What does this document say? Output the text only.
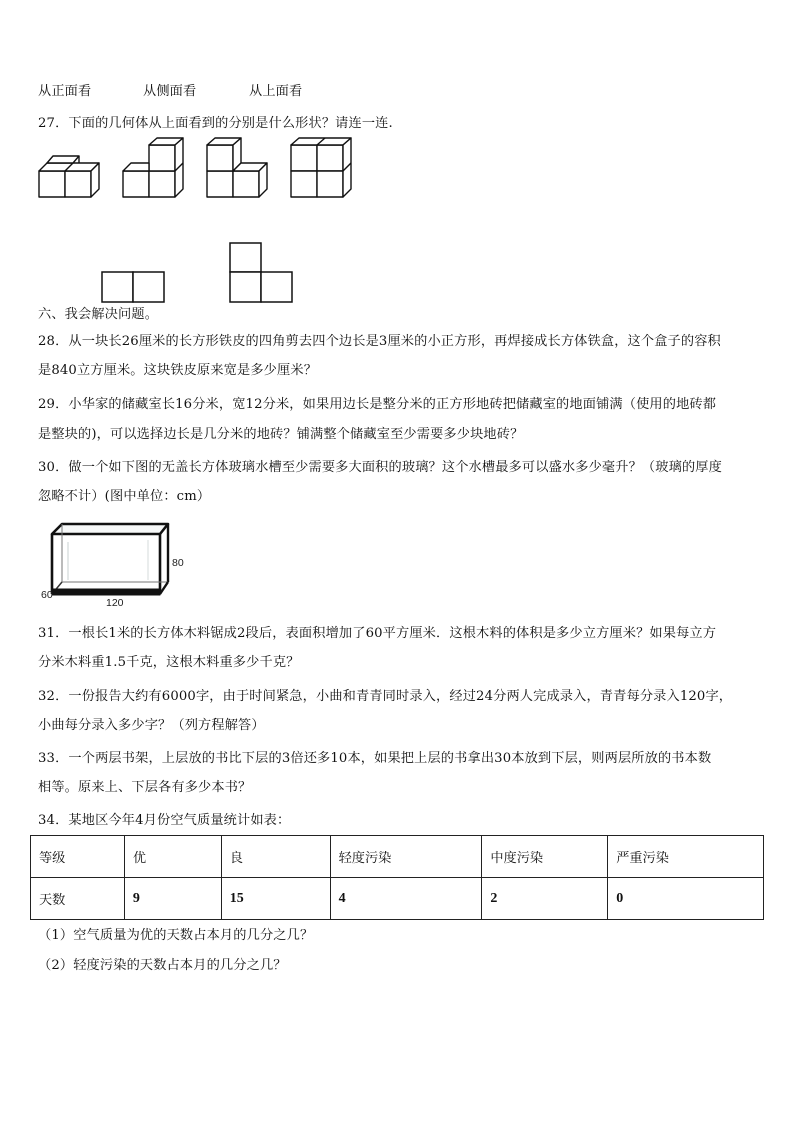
从正面看	从侧面看	从上面看
27．下面的几何体从上面看到的分别是什么形状？请连一连.
六、我会解决问题。
28．从一块长26厘米的长方形铁皮的四角剪去四个边长是3厘米的小正方形，再焊接成长方体铁盒，这个盒子的容积
是840立方厘米。这块铁皮原来宽是多少厘米？
29．小华家的储藏室长16分米，宽12分米，如果用边长是整分米的正方形地砖把储藏室的地面铺满（使用的地砖都
是整块的)，可以选择边长是几分米的地砖？铺满整个储藏室至少需要多少块地砖？
30．做一个如下图的无盖长方体玻璃水槽至少需要多大面积的玻璃？这个水槽最多可以盛水多少毫升？（玻璃的厚度
忽略不计）(图中单位：cm）
80
60
120
31．一根长1米的长方体木料锯成2段后，表面积增加了60平方厘米．这根木料的体积是多少立方厘米？如果每立方
分米木料重1.5千克，这根木料重多少千克？
32．一份报告大约有6000字，由于时间紧急，小曲和青青同时录入，经过24分两人完成录入，青青每分录入120字，
小曲每分录入多少字？（列方程解答）
33．一个两层书架，上层放的书比下层的3倍还多10本，如果把上层的书拿出30本放到下层，则两层所放的书本数
相等。原来上、下层各有多少本书？
34．某地区今年4月份空气质量统计如表：
等级	优	良	轻度污染	中度污染	严重污染
天数	9	15	4	2	0
（1）空气质量为优的天数占本月的几分之几？
（2）轻度污染的天数占本月的几分之几？
